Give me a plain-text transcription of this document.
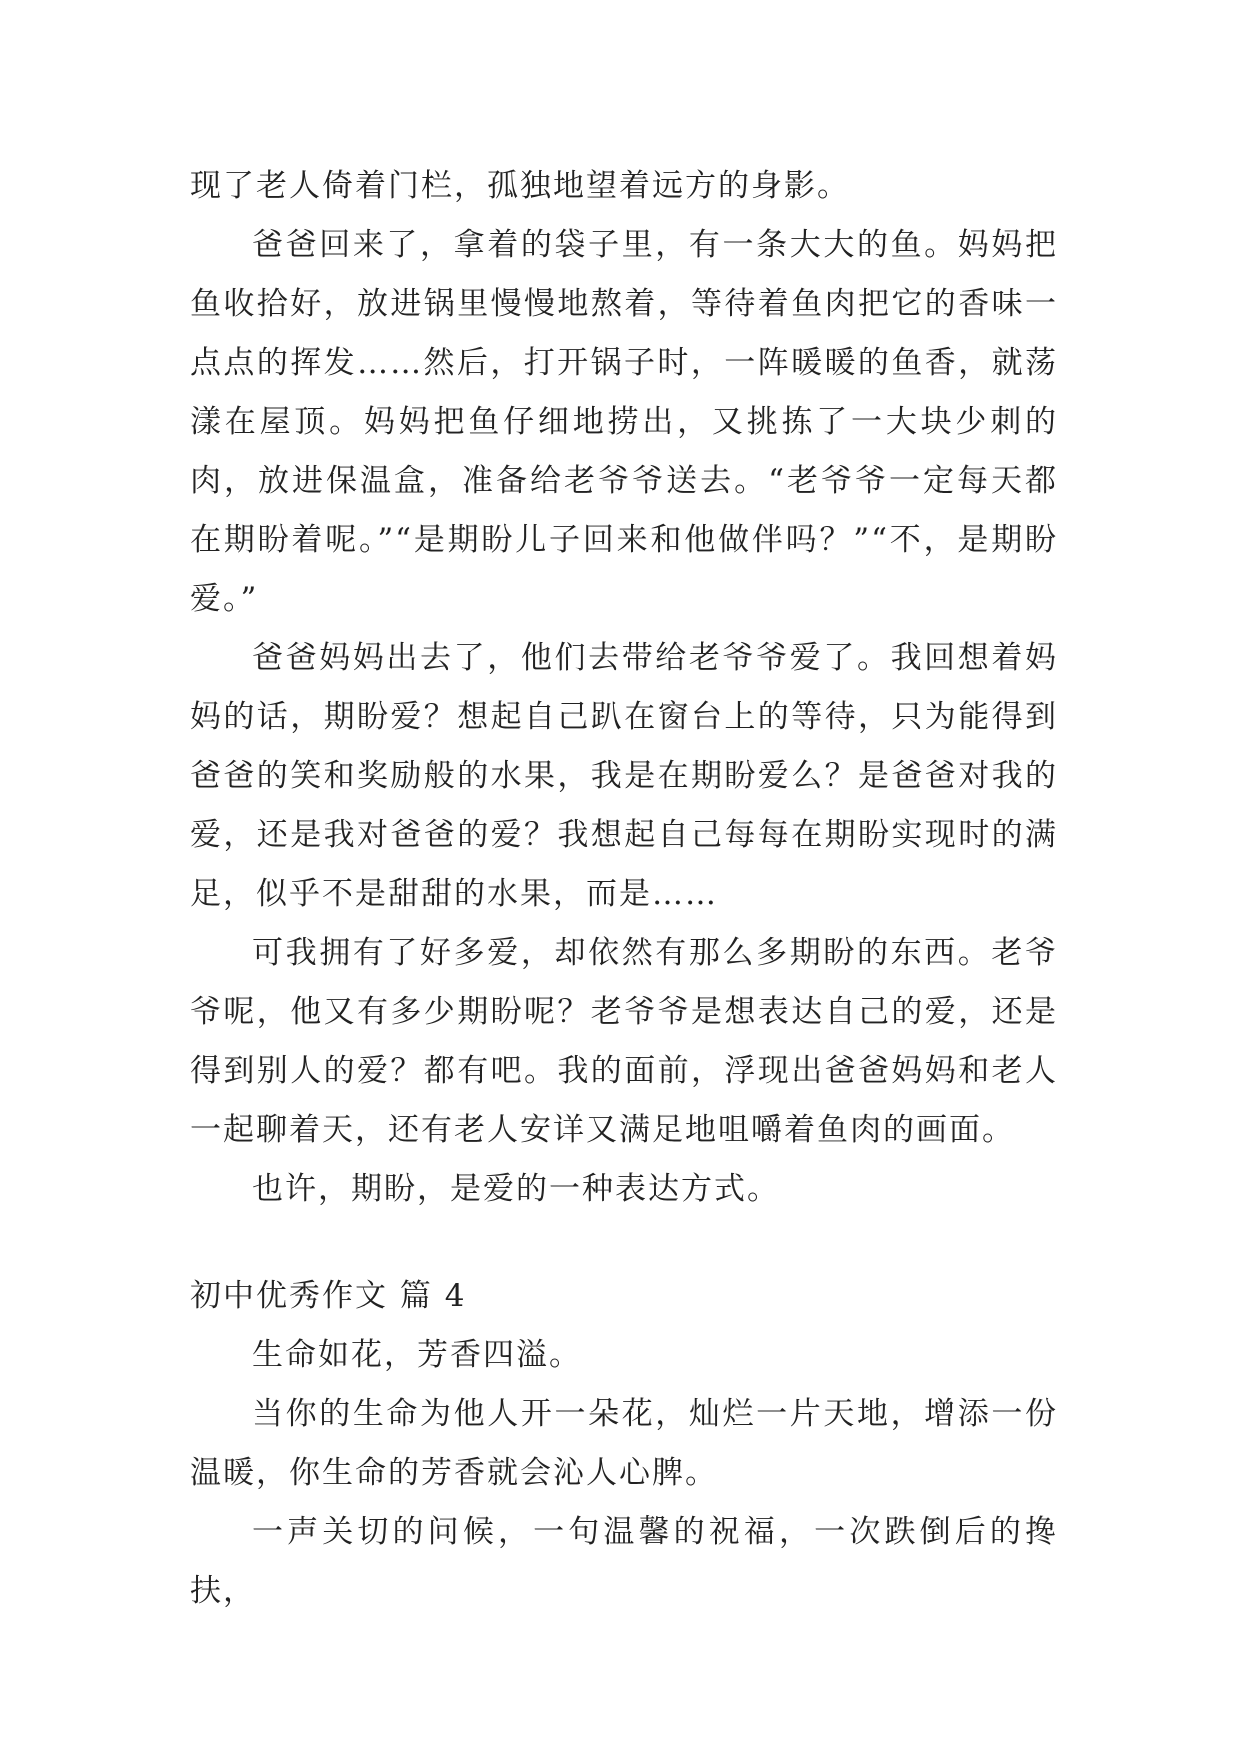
现了老人倚着门栏，孤独地望着远方的身影。

爸爸回来了，拿着的袋子里，有一条大大的鱼。妈妈把鱼收拾好，放进锅里慢慢地熬着，等待着鱼肉把它的香味一点点的挥发……然后，打开锅子时，一阵暖暖的鱼香，就荡漾在屋顶。妈妈把鱼仔细地捞出，又挑拣了一大块少刺的肉，放进保温盒，准备给老爷爷送去。“老爷爷一定每天都在期盼着呢。”“是期盼儿子回来和他做伴吗？”“不，是期盼爱。”

爸爸妈妈出去了，他们去带给老爷爷爱了。我回想着妈妈的话，期盼爱？想起自己趴在窗台上的等待，只为能得到爸爸的笑和奖励般的水果，我是在期盼爱么？是爸爸对我的爱，还是我对爸爸的爱？我想起自己每每在期盼实现时的满足，似乎不是甜甜的水果，而是……

可我拥有了好多爱，却依然有那么多期盼的东西。老爷爷呢，他又有多少期盼呢？老爷爷是想表达自己的爱，还是得到别人的爱？都有吧。我的面前，浮现出爸爸妈妈和老人一起聊着天，还有老人安详又满足地咀嚼着鱼肉的画面。

也许，期盼，是爱的一种表达方式。

初中优秀作文 篇 4

生命如花，芳香四溢。

当你的生命为他人开一朵花，灿烂一片天地，增添一份温暖，你生命的芳香就会沁人心脾。

一声关切的问候，一句温馨的祝福，一次跌倒后的搀扶，
